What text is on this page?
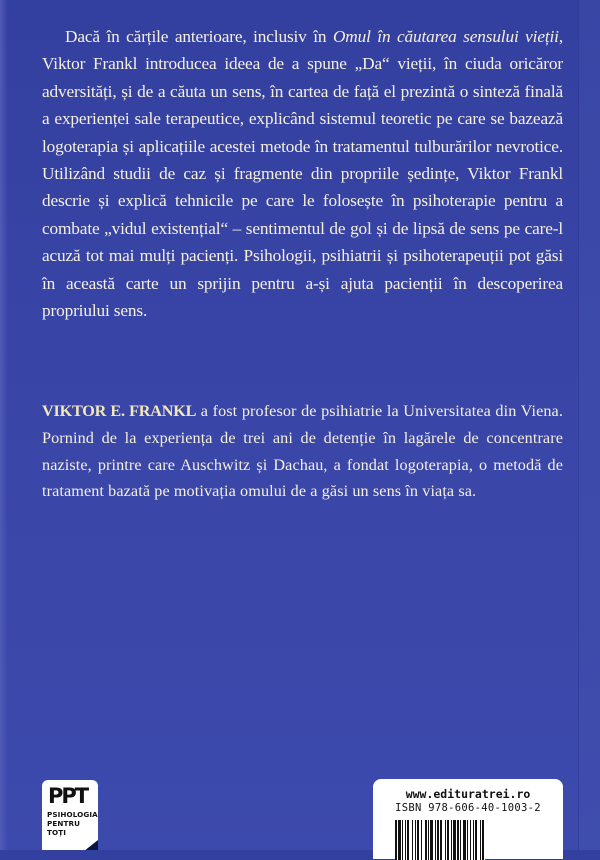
Dacă în cărțile anterioare, inclusiv în Omul în căutarea sensului vieții, Viktor Frankl introducea ideea de a spune „Da“ vieții, în ciuda oricăror adversități, și de a căuta un sens, în cartea de față el prezintă o sinteză finală a experienței sale terapeutice, explicând sistemul teoretic pe care se bazează logoterapia și aplicațiile acestei metode în tratamentul tulburărilor nevrotice. Utilizând studii de caz și fragmente din propriile ședințe, Viktor Frankl descrie și explică tehnicile pe care le folosește în psihoterapie pentru a combate „vidul existențial“ – sentimentul de gol și de lipsă de sens pe care-l acuză tot mai mulți pacienți. Psihologii, psihiatrii și psihoterapeuții pot găsi în această carte un sprijin pentru a-și ajuta pacienții în descoperirea propriului sens.

VIKTOR E. FRANKL a fost profesor de psihiatrie la Universitatea din Viena. Pornind de la experiența de trei ani de detenție în lagărele de concentrare naziste, printre care Auschwitz și Dachau, a fondat logoterapia, o metodă de tratament bazată pe motivația omului de a găsi un sens în viața sa.

PPT
PSIHOLOGIA
PENTRU
TOȚI
www.edituratrei.ro
ISBN 978-606-40-1003-2
